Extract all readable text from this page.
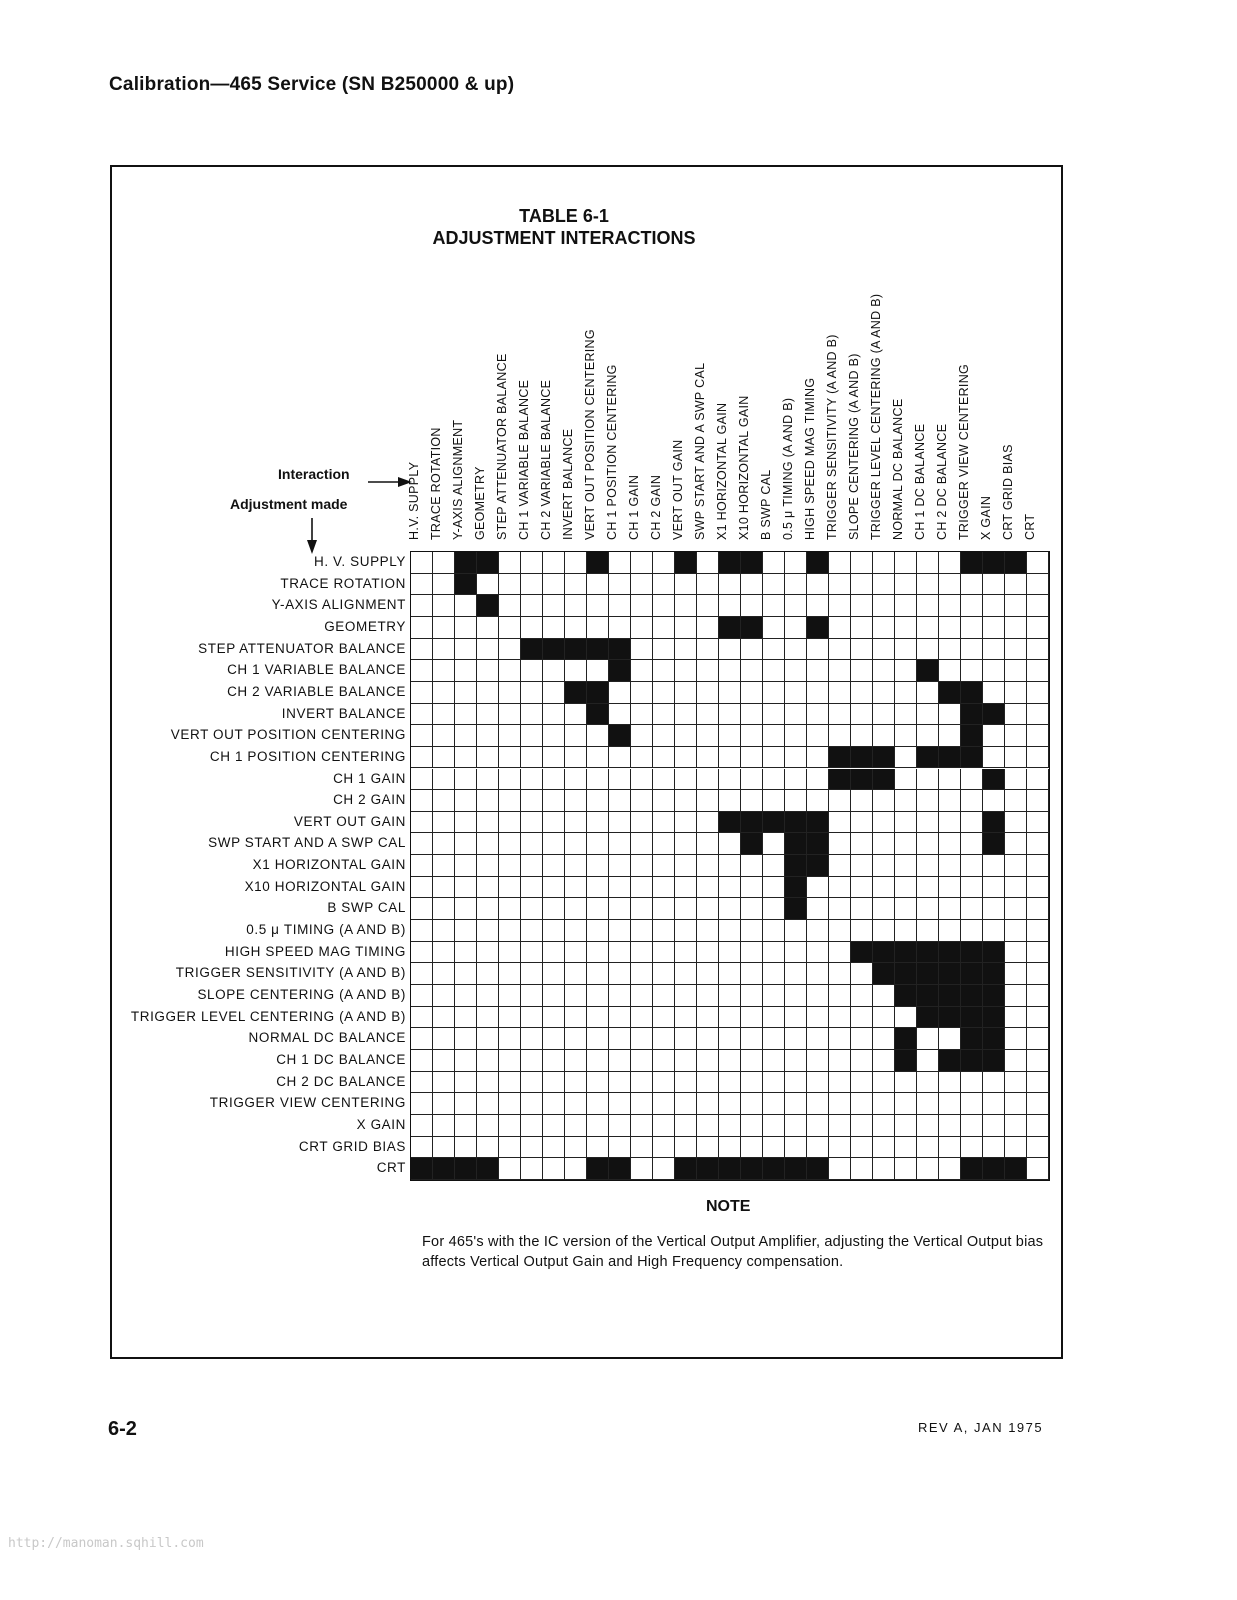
Calibration—465 Service (SN B250000 & up)
TABLE 6-1
ADJUSTMENT INTERACTIONS
Interaction
Adjustment made	H.V. SUPPLY TRACE ROTATION Y-AXIS ALIGNMENT GEOMETRY STEP ATTENUATOR BALANCE CH 1 VARIABLE BALANCE CH 2 VARIABLE BALANCE INVERT BALANCE VERT OUT POSITION CENTERING CH 1 POSITION CENTERING CH 1 GAIN CH 2 GAIN VERT OUT GAIN SWP START AND A SWP CAL X1 HORIZONTAL GAIN X10 HORIZONTAL GAIN B SWP CAL 0.5 μ TIMING (A AND B) HIGH SPEED MAG TIMING TRIGGER SENSITIVITY (A AND B) SLOPE CENTERING (A AND B) TRIGGER LEVEL CENTERING (A AND B) NORMAL DC BALANCE CH 1 DC BALANCE CH 2 DC BALANCE TRIGGER VIEW CENTERING X GAIN CRT GRID BIAS CRT
H. V. SUPPLY
TRACE ROTATION
Y-AXIS ALIGNMENT
GEOMETRY
STEP ATTENUATOR BALANCE
CH 1 VARIABLE BALANCE
CH 2 VARIABLE BALANCE
INVERT BALANCE
VERT OUT POSITION CENTERING
CH 1 POSITION CENTERING
CH 1 GAIN
CH 2 GAIN
VERT OUT GAIN
SWP START AND A SWP CAL
X1 HORIZONTAL GAIN
X10 HORIZONTAL GAIN
B SWP CAL
0.5 μ TIMING (A AND B)
HIGH SPEED MAG TIMING
TRIGGER SENSITIVITY (A AND B)
SLOPE CENTERING (A AND B)
TRIGGER LEVEL CENTERING (A AND B)
NORMAL DC BALANCE
CH 1 DC BALANCE
CH 2 DC BALANCE
TRIGGER VIEW CENTERING
X GAIN
CRT GRID BIAS
CRT
NOTE
For 465's with the IC version of the Vertical Output Amplifier, adjusting the Vertical Output bias affects Vertical Output Gain and High Frequency compensation.
6-2	REV A, JAN 1975
http://manoman.sqhill.com
